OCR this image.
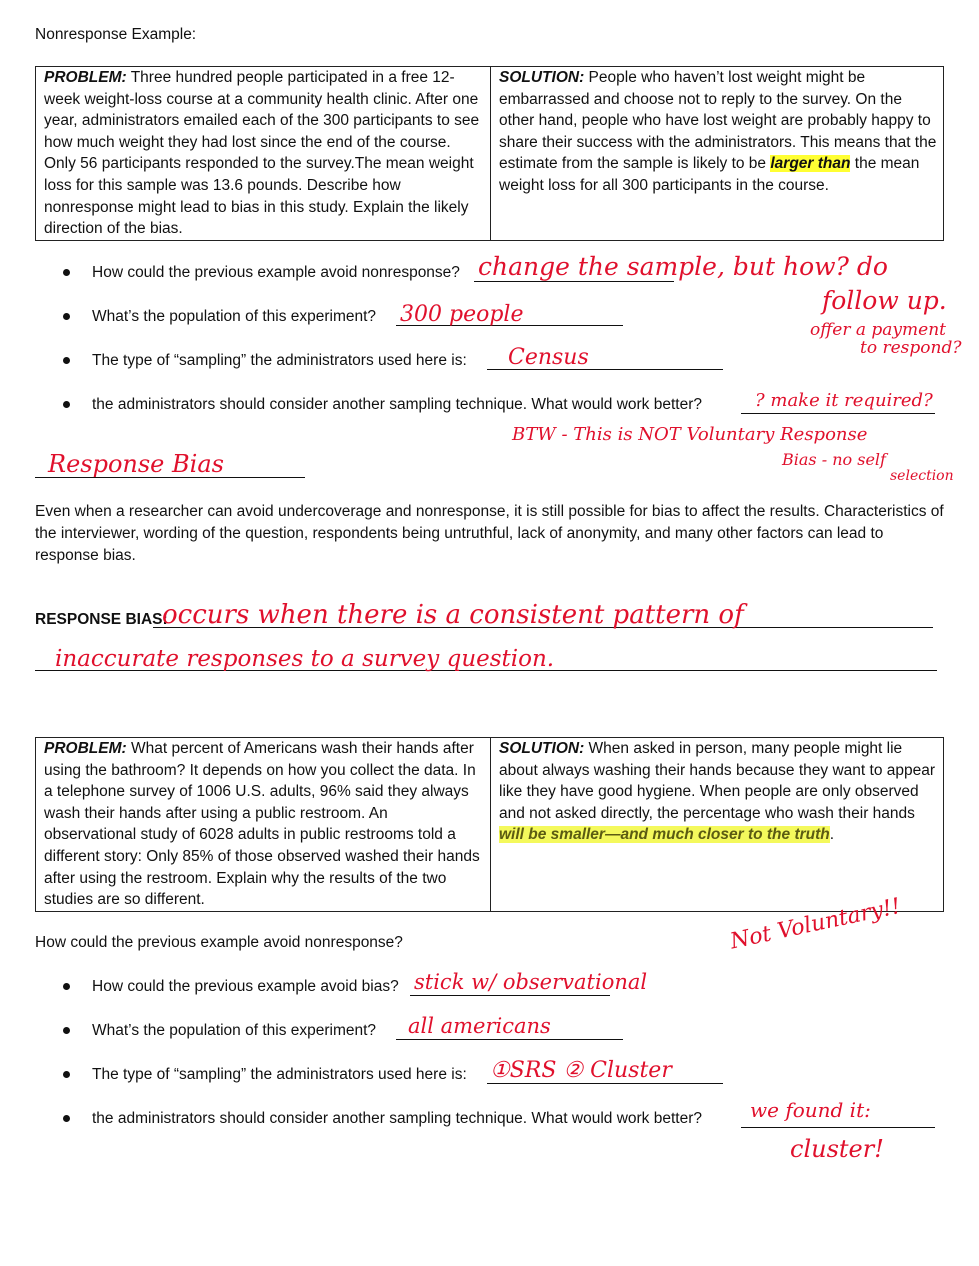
Nonresponse Example:
PROBLEM: Three hundred people participated in a free 12-week weight-loss course at a community health clinic. After one year, administrators emailed each of the 300 participants to see how much weight they had lost since the end of the course. Only 56 participants responded to the survey.The mean weight loss for this sample was 13.6 pounds. Describe how nonresponse might lead to bias in this study. Explain the likely direction of the bias.	SOLUTION: People who haven’t lost weight might be embarrassed and choose not to reply to the survey. On the other hand, people who have lost weight are probably happy to share their success with the administrators. This means that the estimate from the sample is likely to be larger than the mean weight loss for all 300 participants in the course.
How could the previous example avoid nonresponse?
What’s the population of this experiment?
The type of “sampling” the administrators used here is:
the administrators should consider another sampling technique. What would work better?
change the sample, but how? do
follow up.
offer a payment
to respond?
300 people
Census
? make it required?
BTW - This is NOT Voluntary Response
Bias - no self
selection
Response Bias
Even when a researcher can avoid undercoverage and nonresponse, it is still possible for bias to affect the results. Characteristics of the interviewer, wording of the question, respondents being untruthful, lack of anonymity, and many other factors can lead to response bias.
RESPONSE BIAS:
occurs when there is a consistent pattern of
inaccurate responses to a survey question.
PROBLEM: What percent of Americans wash their hands after using the bathroom? It depends on how you collect the data. In a telephone survey of 1006 U.S. adults, 96% said they always wash their hands after using a public restroom. An observational study of 6028 adults in public restrooms told a different story: Only 85% of those observed washed their hands after using the restroom. Explain why the results of the two studies are so different.	SOLUTION: When asked in person, many people might lie about always washing their hands because they want to appear like they have good hygiene. When people are only observed and not asked directly, the percentage who wash their hands will be smaller—and much closer to the truth.
How could the previous example avoid nonresponse?	Not Voluntary!!
How could the previous example avoid bias?
What’s the population of this experiment?
The type of “sampling” the administrators used here is:
the administrators should consider another sampling technique. What would work better?
stick w/ observational
all americans
①SRS ② Cluster
we found it:
cluster!
